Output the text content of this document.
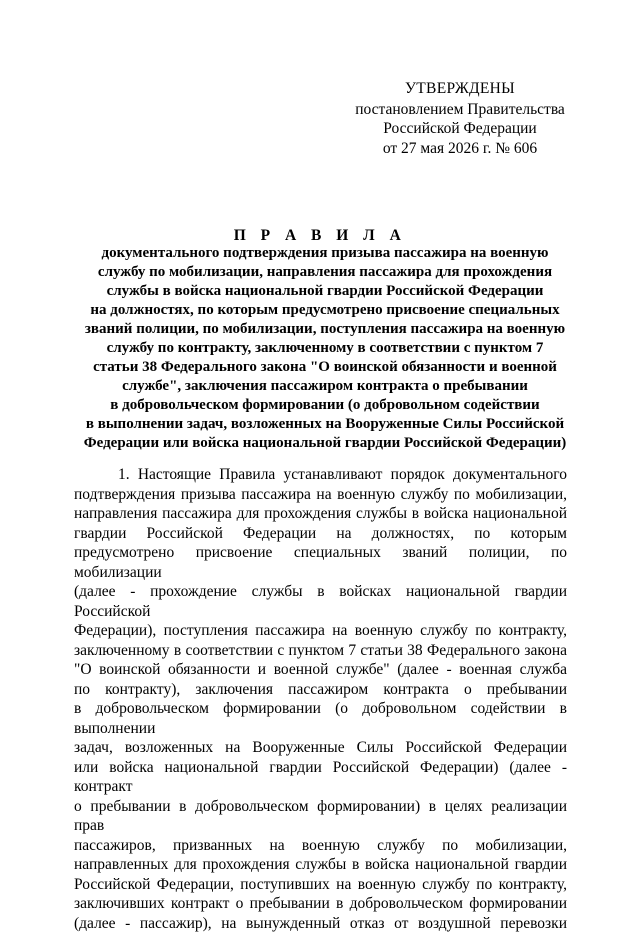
УТВЕРЖДЕНЫ
постановлением Правительства
Российской Федерации
от 27 мая 2026 г. № 606
П Р А В И Л А
документального подтверждения призыва пассажира на военную
службу по мобилизации, направления пассажира для прохождения
службы в войска национальной гвардии Российской Федерации
на должностях, по которым предусмотрено присвоение специальных
званий полиции, по мобилизации, поступления пассажира на военную
службу по контракту, заключенному в соответствии с пунктом 7
статьи 38 Федерального закона "О воинской обязанности и военной
службе", заключения пассажиром контракта о пребывании
в добровольческом формировании (о добровольном содействии
в выполнении задач, возложенных на Вооруженные Силы Российской
Федерации или войска национальной гвардии Российской Федерации)
1. Настоящие Правила устанавливают порядок документального
подтверждения призыва пассажира на военную службу по мобилизации,
направления пассажира для прохождения службы в войска национальной
гвардии Российской Федерации на должностях, по которым
предусмотрено присвоение специальных званий полиции, по мобилизации
(далее - прохождение службы в войсках национальной гвардии Российской
Федерации), поступления пассажира на военную службу по контракту,
заключенному в соответствии с пунктом 7 статьи 38 Федерального закона
"О воинской обязанности и военной службе" (далее - военная служба
по контракту), заключения пассажиром контракта о пребывании
в добровольческом формировании (о добровольном содействии в выполнении
задач, возложенных на Вооруженные Силы Российской Федерации
или войска национальной гвардии Российской Федерации) (далее - контракт
о пребывании в добровольческом формировании) в целях реализации прав
пассажиров, призванных на военную службу по мобилизации,
направленных для прохождения службы в войска национальной гвардии
Российской Федерации, поступивших на военную службу по контракту,
заключивших контракт о пребывании в добровольческом формировании
(далее - пассажир), на вынужденный отказ от воздушной перевозки
